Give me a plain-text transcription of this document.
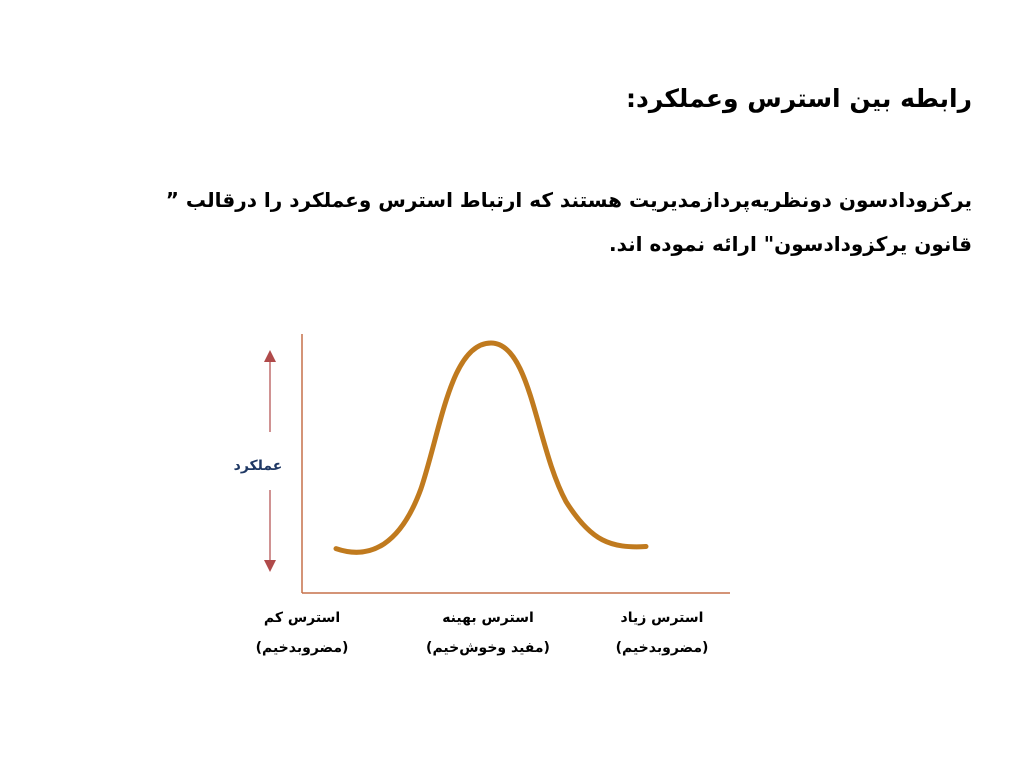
رابطه بین استرس وعملکرد:

یرکزودادسون دونظریه‌پردازمدیریت هستند که ارتباط استرس وعملکرد را درقالب ”

قانون یرکزودادسون" ارائه نموده اند.

عملکرد
استرس کم
(مضروبدخیم)
استرس بهینه
(مفید وخوش‌خیم)
استرس زیاد
(مضروبدخیم)
